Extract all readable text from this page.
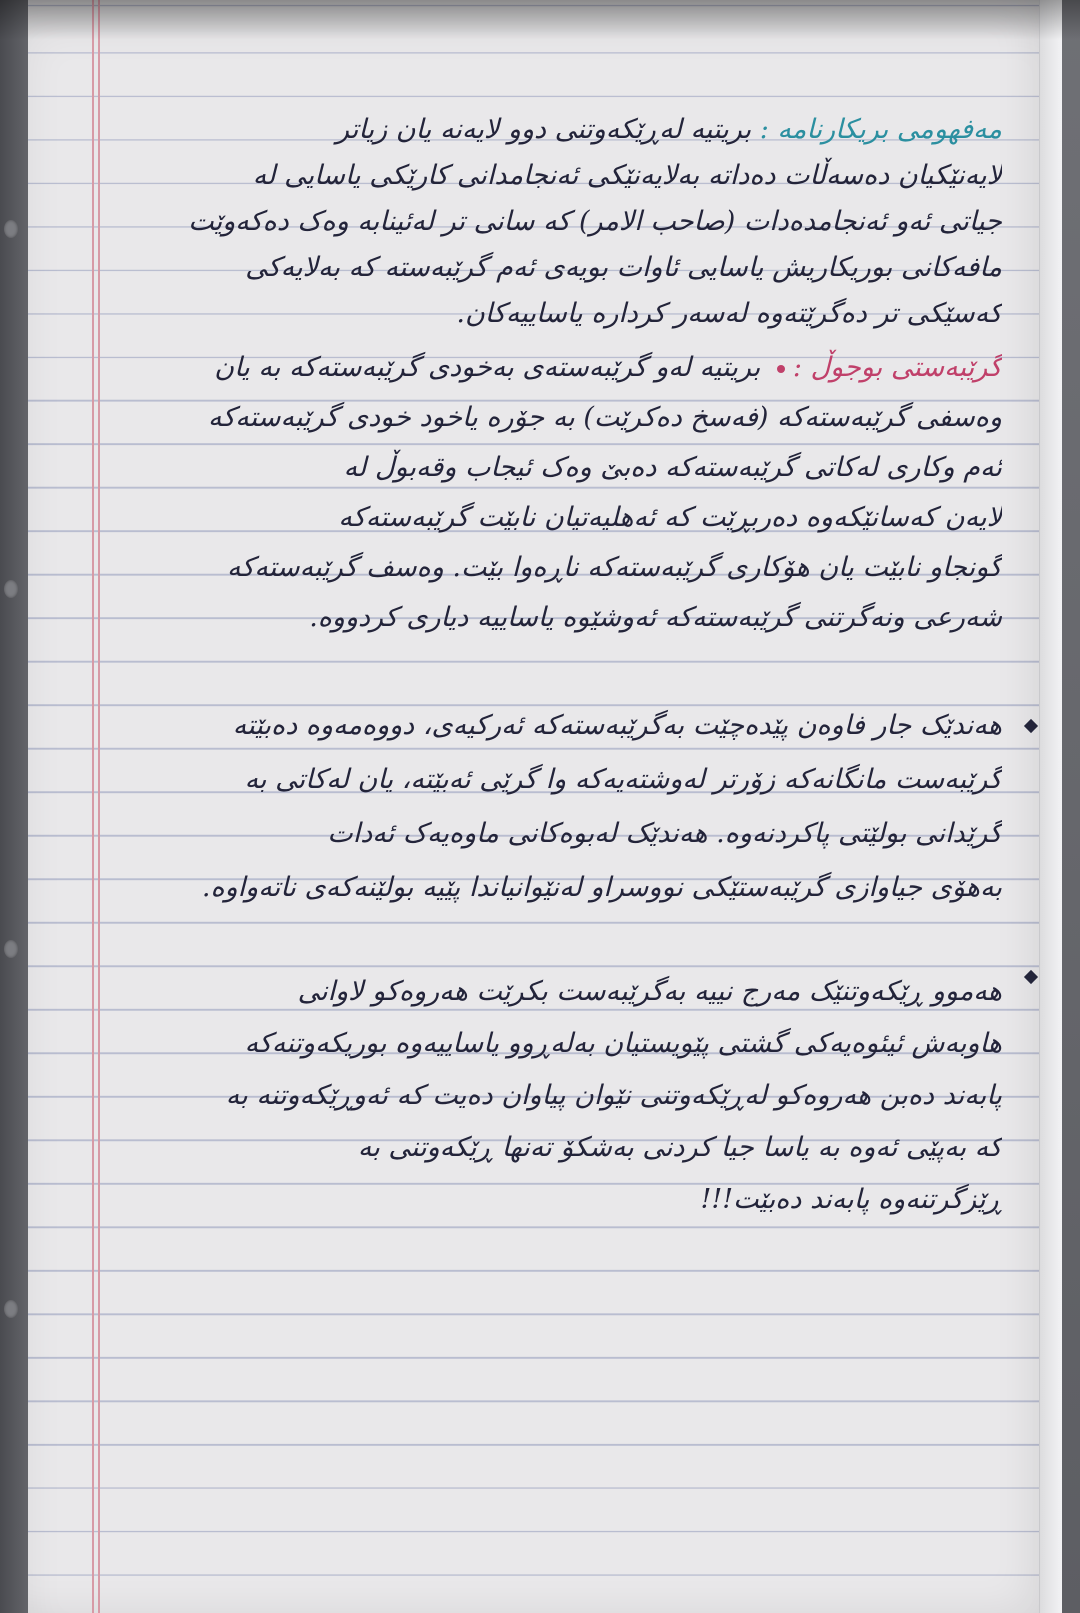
مەفهومی بریکارنامە : بریتیە لەڕێکەوتنی دوو لایەنە یان زیاتر
لایەنێکیان دەسەڵات دەداتە بەلایەنێکی ئەنجامدانی کارێکی یاسایی لە
جیاتی ئەو ئەنجامدەدات (صاحب الامر) کە سانی تر لەئینابە وەک دەکەوێت
مافەکانی بوریکاریش یاسایی ئاوات بویەی ئەم گرێبەستە کە بەلایەکی
کەسێکی تر دەگرێتەوە لەسەر کردارە یاساییەکان.
گرێبەستی بوجوڵ : بریتیە لەو گرێبەستەی بەخودی گرێبەستەکە بە یان
وەسفی گرێبەستەکە (فەسخ دەکرێت) بە جۆرە یاخود خودی گرێبەستەکە
ئەم وکاری لەکاتی گرێبەستەکە دەبێ وەک ئیجاب وقەبوڵ لە
لایەن کەسانێکەوە دەربڕێت کە ئەهلیەتیان نابێت گرێبەستەکە
گونجاو نابێت یان هۆکاری گرێبەستەکە ناڕەوا بێت. وەسف گرێبەستەکە
شەرعی ونەگرتنی گرێبەستەکە ئەوشێوە یاساییە دیاری کردووە.
هەندێک جار فاوەن پێدەچێت بەگرێبەستەکە ئەرکیەی، دووەمەوە دەبێتە
گرێبەست مانگانەکە زۆرتر لەوشتەیەکە وا گرێی ئەبێتە، یان لەکاتی بە
گرێدانی بولێتی پاکردنەوە. هەندێک لەبوەکانی ماوەیەک ئەدات
بەهۆی جیاوازی گرێبەستێکی نووسراو لەنێوانیاندا پێیە بولێنەکەی ناتەواوە.
هەموو ڕێکەوتنێک مەرج نییە بەگرێبەست بکرێت هەروەکو لاوانی
هاوبەش ئیئوەیەکی گشتی پێویستیان بەلەڕوو یاساییەوە بوریکەوتنەکە
پابەند دەبن هەروەکو لەڕێکەوتنی نێوان پیاوان دەیت کە ئەوڕێکەوتنە بە
کە بەپێی ئەوە بە یاسا جیا کردنی بەشکۆ تەنها ڕێکەوتنی بە
ڕێزگرتنەوە پابەند دەبێت!!!
